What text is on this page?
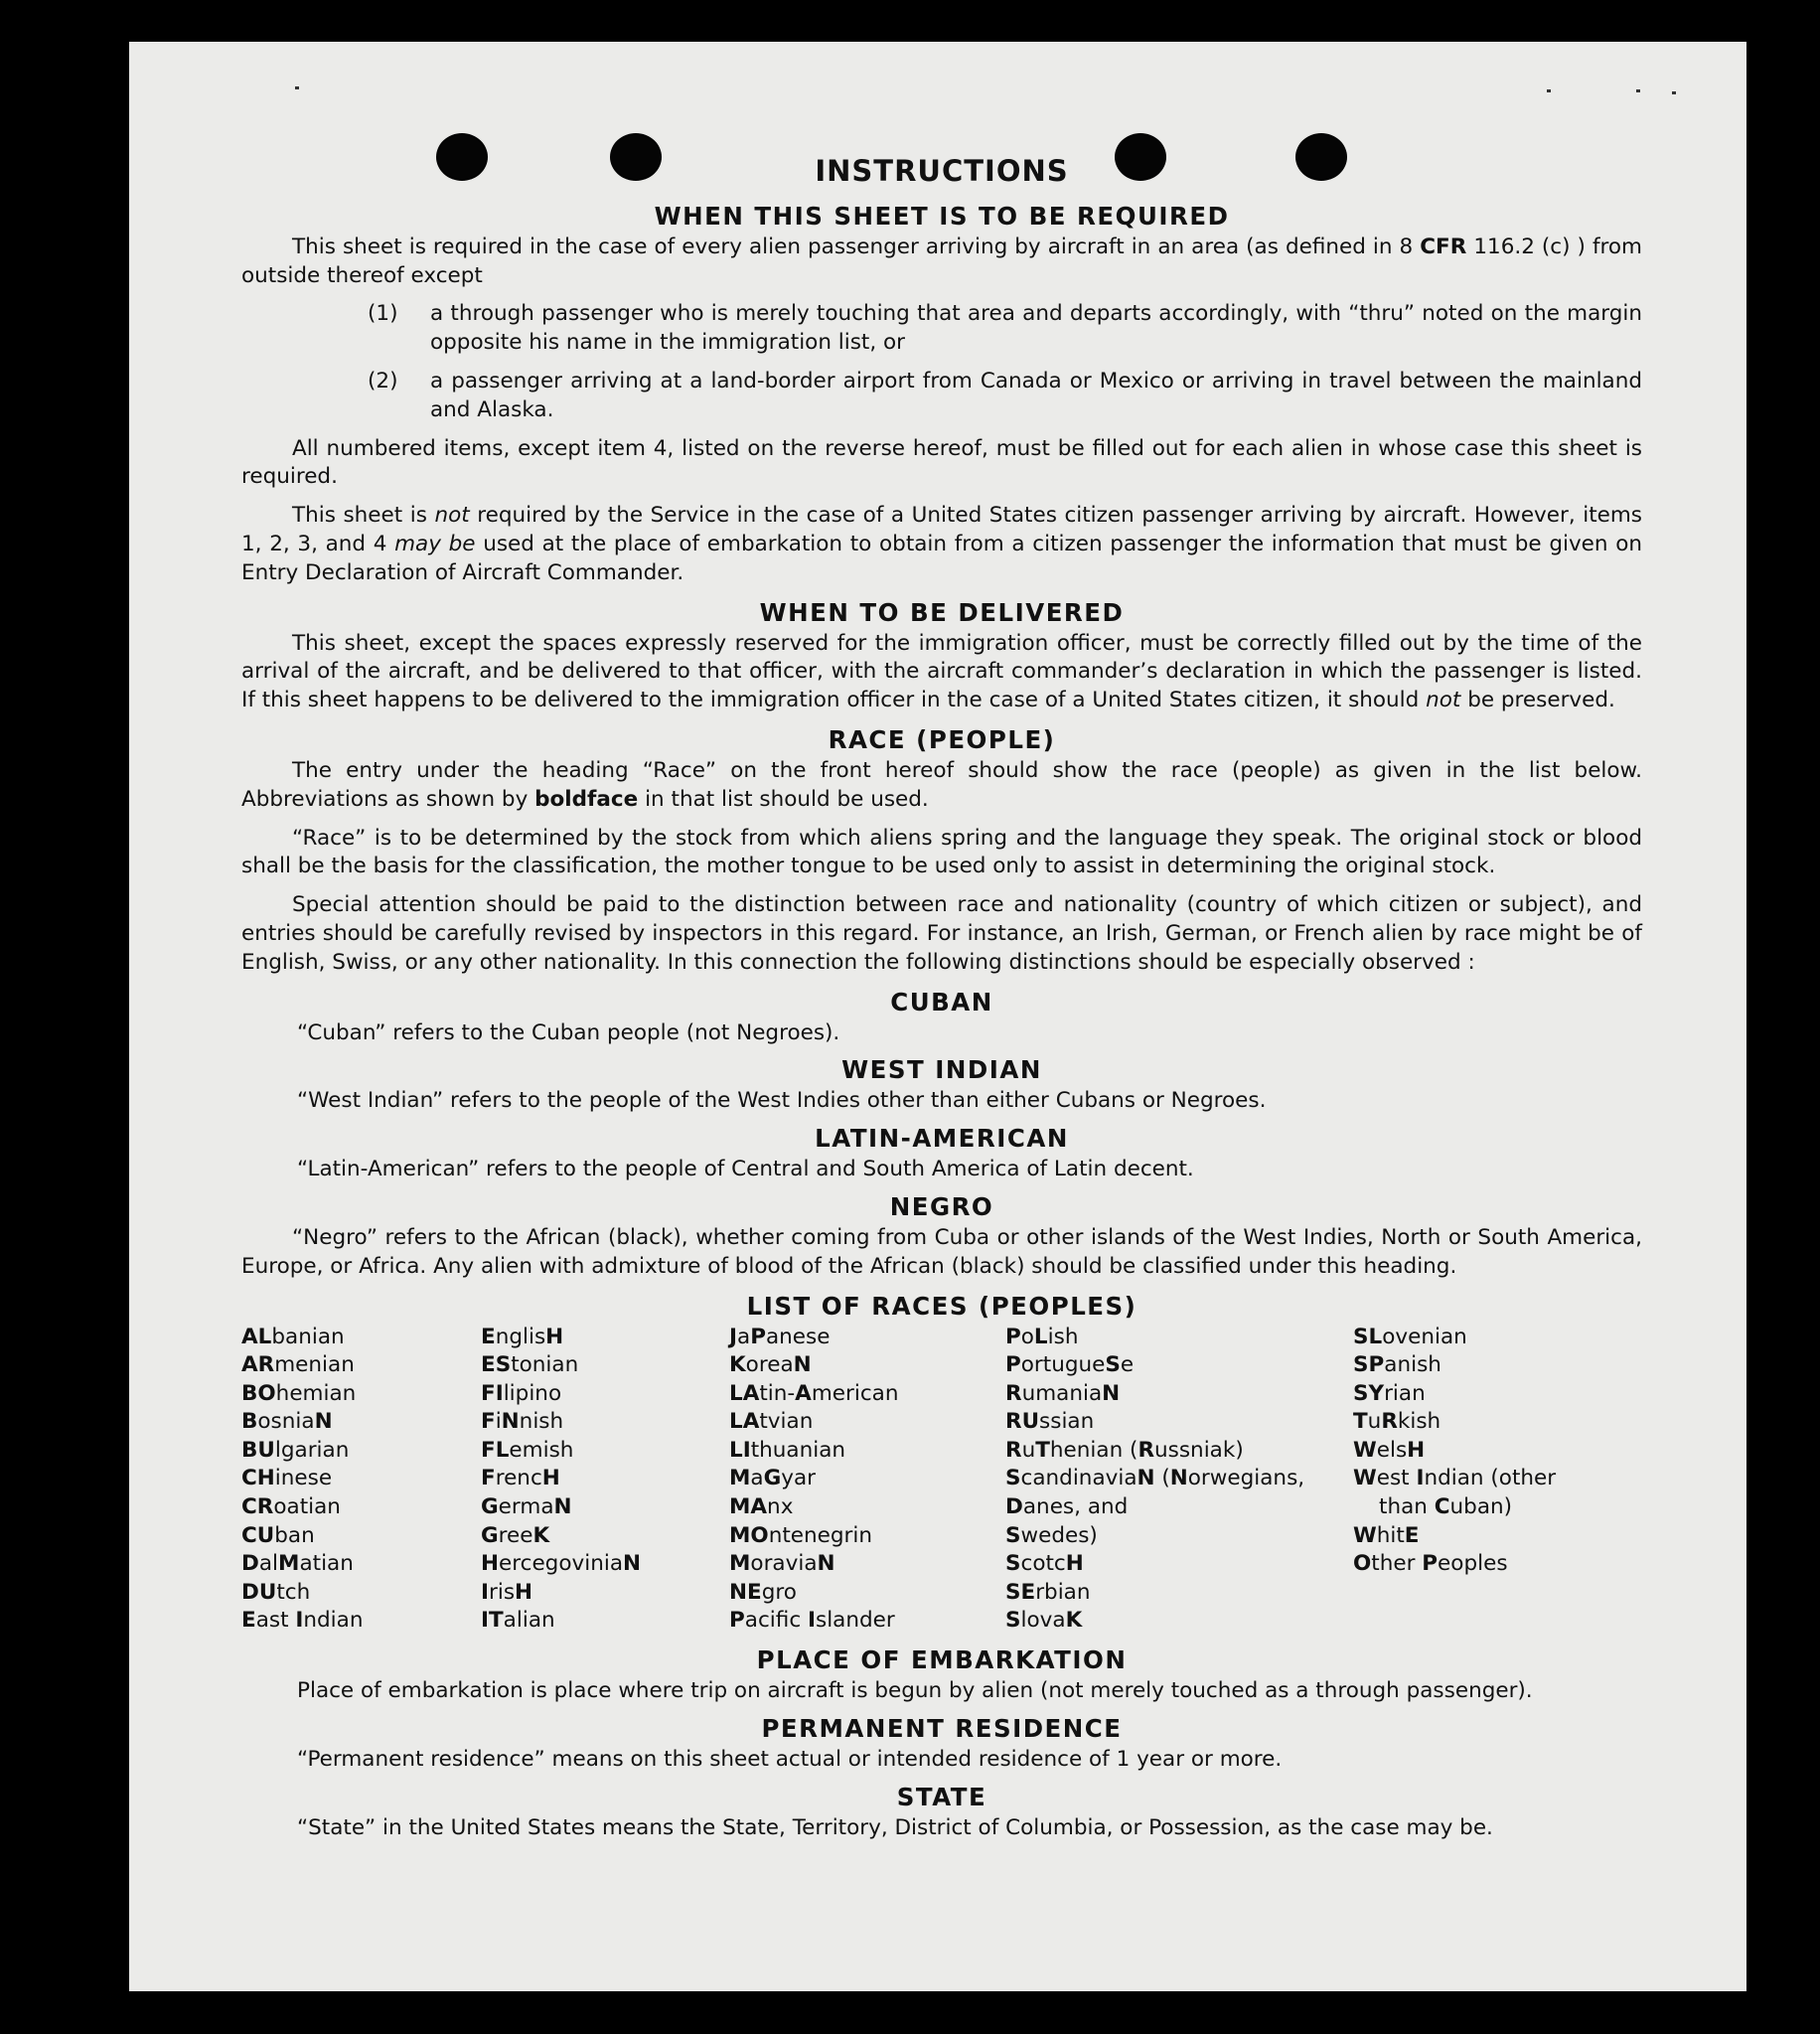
INSTRUCTIONS
WHEN THIS SHEET IS TO BE REQUIRED
This sheet is required in the case of every alien passenger arriving by aircraft in an area (as defined in 8 CFR 116.2 (c) ) from outside thereof except
(1)	a through passenger who is merely touching that area and departs accordingly, with “thru” noted on the margin opposite his name in the immigration list, or
(2)	a passenger arriving at a land-border airport from Canada or Mexico or arriving in travel between the mainland and Alaska.
All numbered items, except item 4, listed on the reverse hereof, must be filled out for each alien in whose case this sheet is required.
This sheet is not required by the Service in the case of a United States citizen passenger arriving by aircraft. However, items 1, 2, 3, and 4 may be used at the place of embarkation to obtain from a citizen passenger the information that must be given on Entry Declaration of Aircraft Commander.
WHEN TO BE DELIVERED
This sheet, except the spaces expressly reserved for the immigration officer, must be correctly filled out by the time of the arrival of the aircraft, and be delivered to that officer, with the aircraft commander’s declaration in which the passenger is listed. If this sheet happens to be delivered to the immigration officer in the case of a United States citizen, it should not be preserved.
RACE (PEOPLE)
The entry under the heading “Race” on the front hereof should show the race (people) as given in the list below. Abbreviations as shown by boldface in that list should be used.
“Race” is to be determined by the stock from which aliens spring and the language they speak. The original stock or blood shall be the basis for the classification, the mother tongue to be used only to assist in determining the original stock.
Special attention should be paid to the distinction between race and nationality (country of which citizen or subject), and entries should be carefully revised by inspectors in this regard. For instance, an Irish, German, or French alien by race might be of English, Swiss, or any other nationality. In this connection the following distinctions should be especially observed :
CUBAN
“Cuban” refers to the Cuban people (not Negroes).
WEST INDIAN
“West Indian” refers to the people of the West Indies other than either Cubans or Negroes.
LATIN-AMERICAN
“Latin-American” refers to the people of Central and South America of Latin decent.
NEGRO
“Negro” refers to the African (black), whether coming from Cuba or other islands of the West Indies, North or South America, Europe, or Africa. Any alien with admixture of blood of the African (black) should be classified under this heading.
LIST OF RACES (PEOPLES)
ALbanian
ARmenian
BOhemian
BosniaN
BUlgarian
CHinese
CRoatian
CUban
DalMatian
DUtch
East Indian
EnglisH
EStonian
FIlipino
FiNnish
FLemish
FrencH
GermaN
GreeK
HercegoviniaN
IrisH
ITalian
JaPanese
KoreaN
LAtin-American
LAtvian
LIthuanian
MaGyar
MAnx
MOntenegrin
MoraviaN
NEgro
Pacifc Islander
PoLish
PortugueSe
RumaniaN
RUssian
RuThenian (Russniak)
ScandinaviaN (Norwegians,
Danes, and
Swedes)
ScotcH
SErbian
SlovaK
SLovenian
SPanish
SYrian
TuRkish
WelsH
West Indian (other
than Cuban)
WhitE
Other Peoples
PLACE OF EMBARKATION
Place of embarkation is place where trip on aircraft is begun by alien (not merely touched as a through passenger).
PERMANENT RESIDENCE
“Permanent residence” means on this sheet actual or intended residence of 1 year or more.
STATE
“State” in the United States means the State, Territory, District of Columbia, or Possession, as the case may be.
